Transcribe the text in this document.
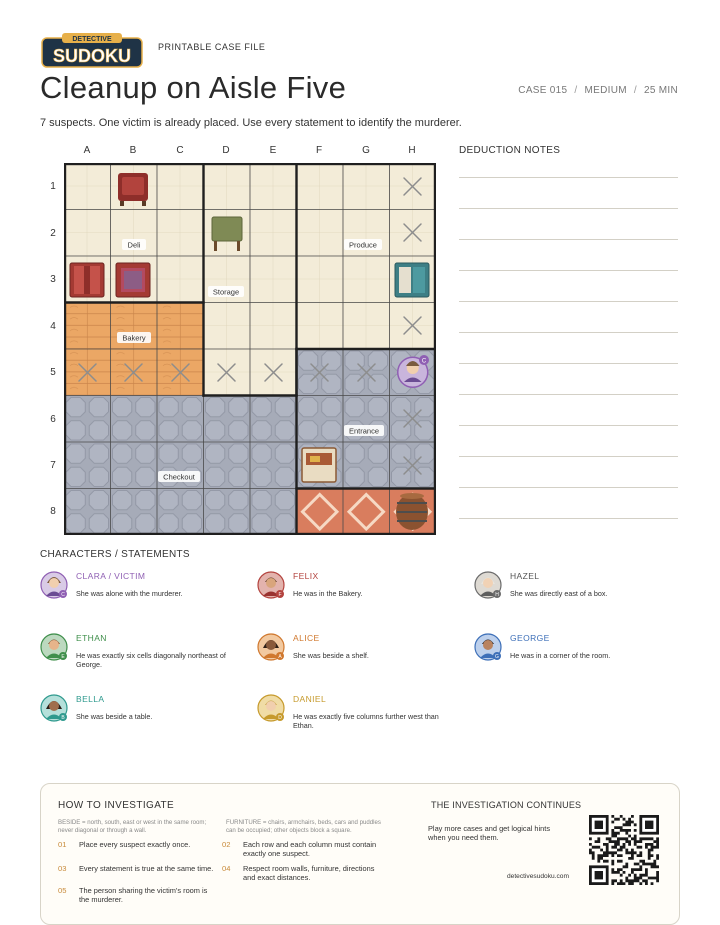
DETECTIVE
SUDOKU	PRINTABLE CASE FILE
Cleanup on Aisle Five	CASE 015 / MEDIUM / 25 MIN
7 suspects. One victim is already placed. Use every statement to identify the murderer.
A	B	C	D	E	F	G	H
1
2
3
4
5
6
7
8
C
Deli	Produce
Storage
Bakery
Entrance
Checkout
DEDUCTION NOTES
CHARACTERS / STATEMENTS
C
CLARA / VICTIM
She was alone with the murderer.	F
FELIX
He was in the Bakery.	H
HAZEL
She was directly east of a box.
E
ETHAN
He was exactly six cells diagonally northeast of George.
A
ALICE
She was beside a shelf.	G
GEORGE
He was in a corner of the room.
B
BELLA
She was beside a table.	D
DANIEL
He was exactly five columns further west than Ethan.
HOW TO INVESTIGATE
BESIDE = north, south, east or west in the same room; never diagonal or through a wall.
FURNITURE = chairs, armchairs, beds, cars and puddles can be occupied; other objects block a square.
01 Place every suspect exactly once.	02 Each row and each column must contain exactly one suspect.
03 Every statement is true at the same time.	04 Respect room walls, furniture, directions and exact distances.
05 The person sharing the victim's room is the murderer.
THE INVESTIGATION CONTINUES
Play more cases and get logical hints when you need them.
detectivesudoku.com
